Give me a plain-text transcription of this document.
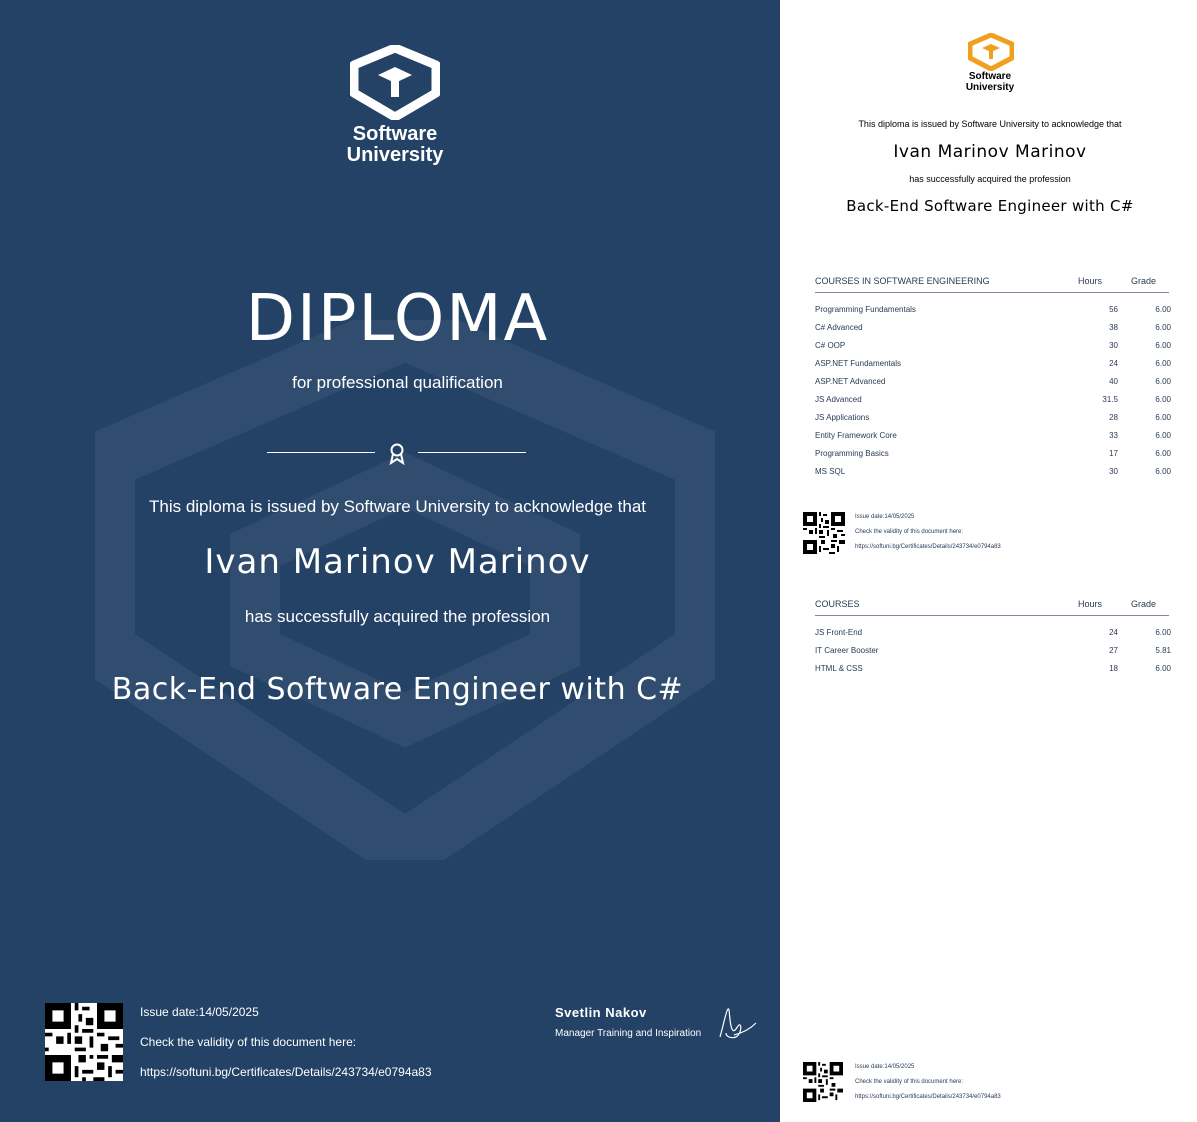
Software
University
DIPLOMA
for professional qualification
This diploma is issued by Software University to acknowledge that
Ivan Marinov Marinov
has successfully acquired the profession
Back-End Software Engineer with C#
Issue date:14/05/2025
Check the validity of this document here:
https://softuni.bg/Certificates/Details/243734/e0794a83
Svetlin Nakov
Manager Training and Inspiration
Software
University
This diploma is issued by Software University to acknowledge that
Ivan Marinov Marinov
has successfully acquired the profession
Back-End Software Engineer with C#
COURSES IN SOFTWARE ENGINEERING	Hours	Grade
Programming Fundamentals	56	6.00
C# Advanced	38	6.00
C# OOP	30	6.00
ASP.NET Fundamentals	24	6.00
ASP.NET Advanced	40	6.00
JS Advanced	31.5	6.00
JS Applications	28	6.00
Entity Framework Core	33	6.00
Programming Basics	17	6.00
MS SQL	30	6.00
Issue date:14/05/2025
Check the validity of this document here:
https://softuni.bg/Certificates/Details/243734/e0794a83
COURSES	Hours	Grade
JS Front-End	24	6.00
IT Career Booster	27	5.81
HTML & CSS	18	6.00
Issue date:14/05/2025
Check the validity of this document here:
https://softuni.bg/Certificates/Details/243734/e0794a83
